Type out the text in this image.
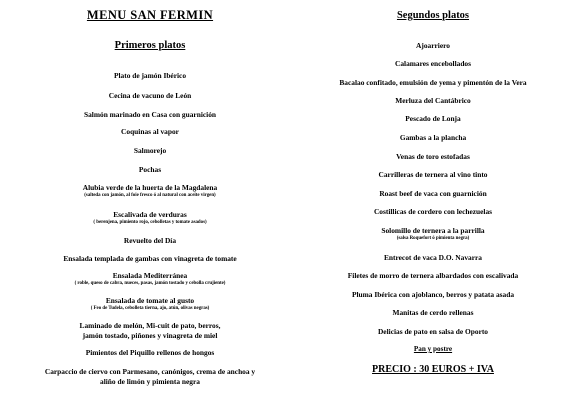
MENU SAN FERMIN
Primeros platos
Plato de jamón Ibérico
Cecina de vacuno de León
Salmón marinado en Casa con guarnición
Coquinas al vapor
Salmorejo
Pochas
Alubia verde de la huerta de la Magdalena
(salteda con jamón, al foie fresco ó al natural con aceite virgen)
Escalivada de verduras
( berenjena, pimiento rojo, cebolletas y tomate asados)
Revuelto del Día
Ensalada templada de gambas con vinagreta de tomate
Ensalada Mediterránea
( roble, queso de cabra, nueces, pasas, jamón tostado y cebolla crujiente)
Ensalada de tomate al gusto
( Feo de Tudela, cebolleta tierna, ajo, atún, olivas negras)
Laminado de melón, Mi-cuit de pato, berros,
jamón tostado, piñones y vinagreta de miel
Pimientos del Piquillo rellenos de hongos
Carpaccio de ciervo con Parmesano, canónigos, crema de anchoa y
aliño de limón y pimienta negra
Segundos platos
Ajoarriero
Calamares encebollados
Bacalao confitado, emulsión de yema y pimentón de la Vera
Merluza del Cantábrico
Pescado de Lonja
Gambas a la plancha
Venas de toro estofadas
Carrilleras de ternera al vino tinto
Roast beef de vaca con guarnición
Costillicas de cordero con lechezuelas
Solomillo de ternera a la parrilla
(salsa Roquefort ó pimienta negra)
Entrecot de vaca D.O. Navarra
Filetes de morro de ternera albardados con escalivada
Pluma Ibérica con ajoblanco, berros y patata asada
Manitas de cerdo rellenas
Delicias de pato en salsa de Oporto
Pan y postre
PRECIO : 30 EUROS + IVA
